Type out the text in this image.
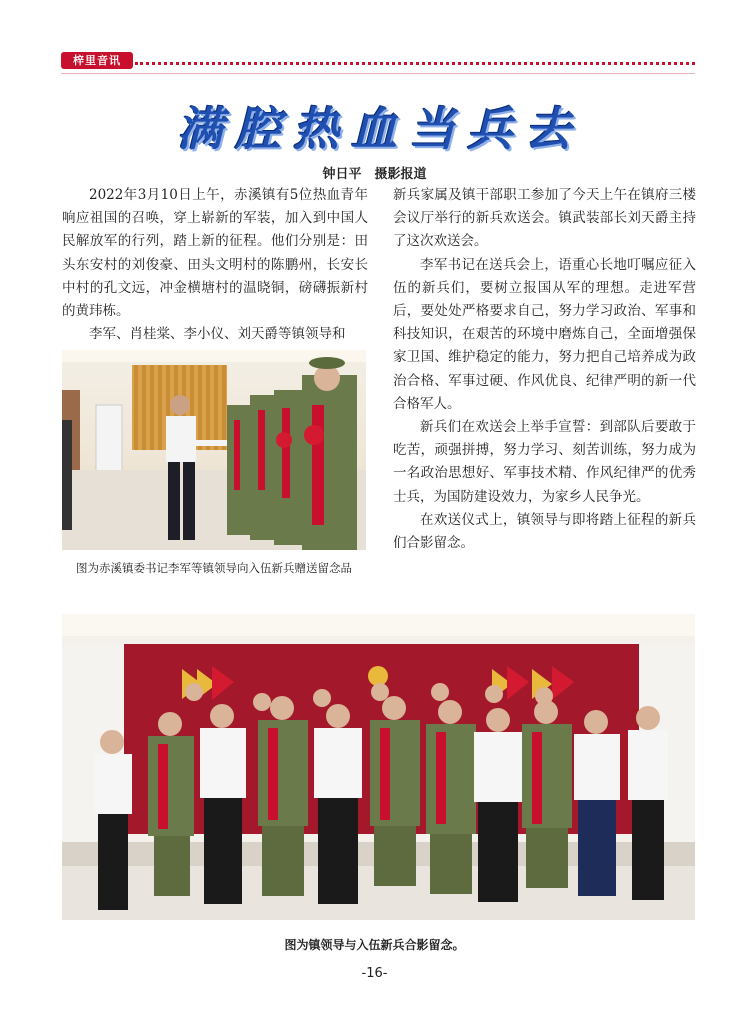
梓里音讯
满腔热血当兵去
钟日平　摄影报道

2022年3月10日上午，赤溪镇有5位热血青年响应祖国的召唤，穿上崭新的军装，加入到中国人民解放军的行列，踏上新的征程。他们分别是：田头东安村的刘俊豪、田头文明村的陈鹏州，长安长中村的孔文远，冲金横塘村的温晓铜，磅礴振新村的黄玮栋。

李军、肖桂棠、李小仪、刘天爵等镇领导和

新兵家属及镇干部职工参加了今天上午在镇府三楼会议厅举行的新兵欢送会。镇武装部长刘天爵主持了这次欢送会。

李军书记在送兵会上，语重心长地叮嘱应征入伍的新兵们，要树立报国从军的理想。走进军营后，要处处严格要求自己，努力学习政治、军事和科技知识，在艰苦的环境中磨炼自己，全面增强保家卫国、维护稳定的能力，努力把自己培养成为政治合格、军事过硬、作风优良、纪律严明的新一代合格军人。

新兵们在欢送会上举手宣誓：到部队后要敢于吃苦，顽强拼搏，努力学习、刻苦训练，努力成为一名政治思想好、军事技术精、作风纪律严的优秀士兵，为国防建设效力，为家乡人民争光。

在欢送仪式上，镇领导与即将踏上征程的新兵们合影留念。

图为赤溪镇委书记李军等镇领导向入伍新兵赠送留念品
图为镇领导与入伍新兵合影留念。
-16-
